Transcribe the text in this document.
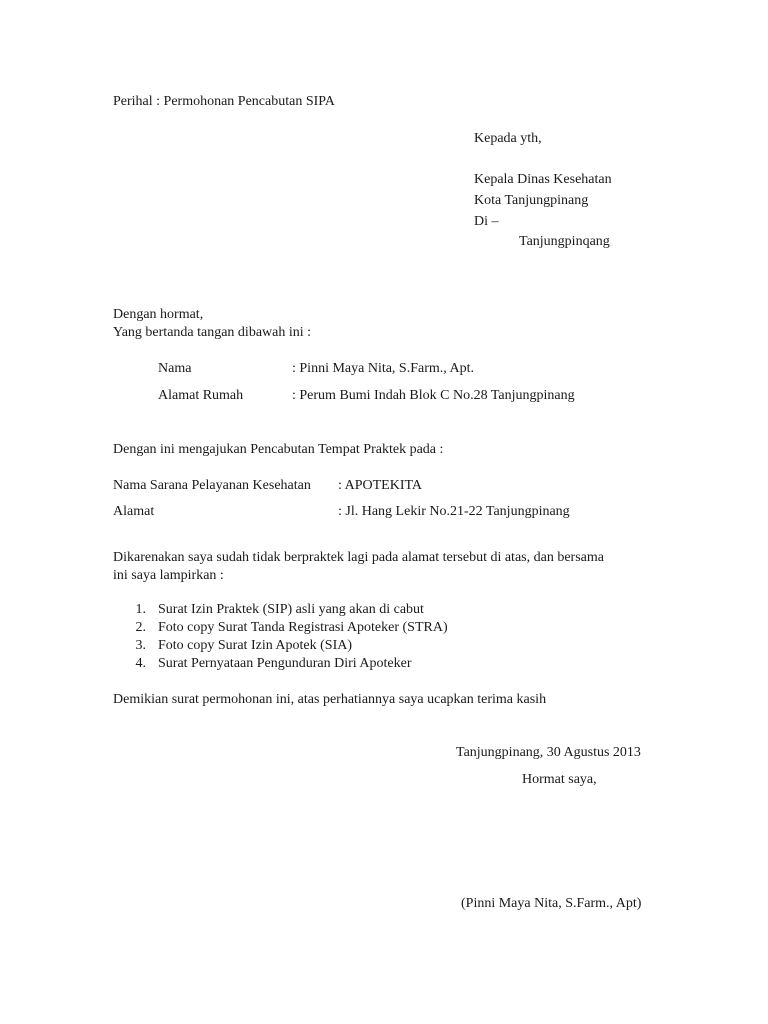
Perihal : Permohonan Pencabutan SIPA
Kepada yth,
Kepala Dinas Kesehatan
Kota Tanjungpinang
Di –
Tanjungpinqang
Dengan hormat,
Yang bertanda tangan dibawah ini :
Nama	: Pinni Maya Nita, S.Farm., Apt.
Alamat Rumah	: Perum Bumi Indah Blok C No.28 Tanjungpinang
Dengan ini mengajukan Pencabutan Tempat Praktek pada :
Nama Sarana Pelayanan Kesehatan : APOTEKITA
Alamat	: Jl. Hang Lekir No.21-22 Tanjungpinang
Dikarenakan saya sudah tidak berpraktek lagi pada alamat tersebut di atas, dan bersama
ini saya lampirkan :
1. Surat Izin Praktek (SIP) asli yang akan di cabut
2. Foto copy Surat Tanda Registrasi Apoteker (STRA)
3. Foto copy Surat Izin Apotek (SIA)
4. Surat Pernyataan Pengunduran Diri Apoteker
Demikian surat permohonan ini, atas perhatiannya saya ucapkan terima kasih
Tanjungpinang, 30 Agustus 2013
Hormat saya,
(Pinni Maya Nita, S.Farm., Apt)
